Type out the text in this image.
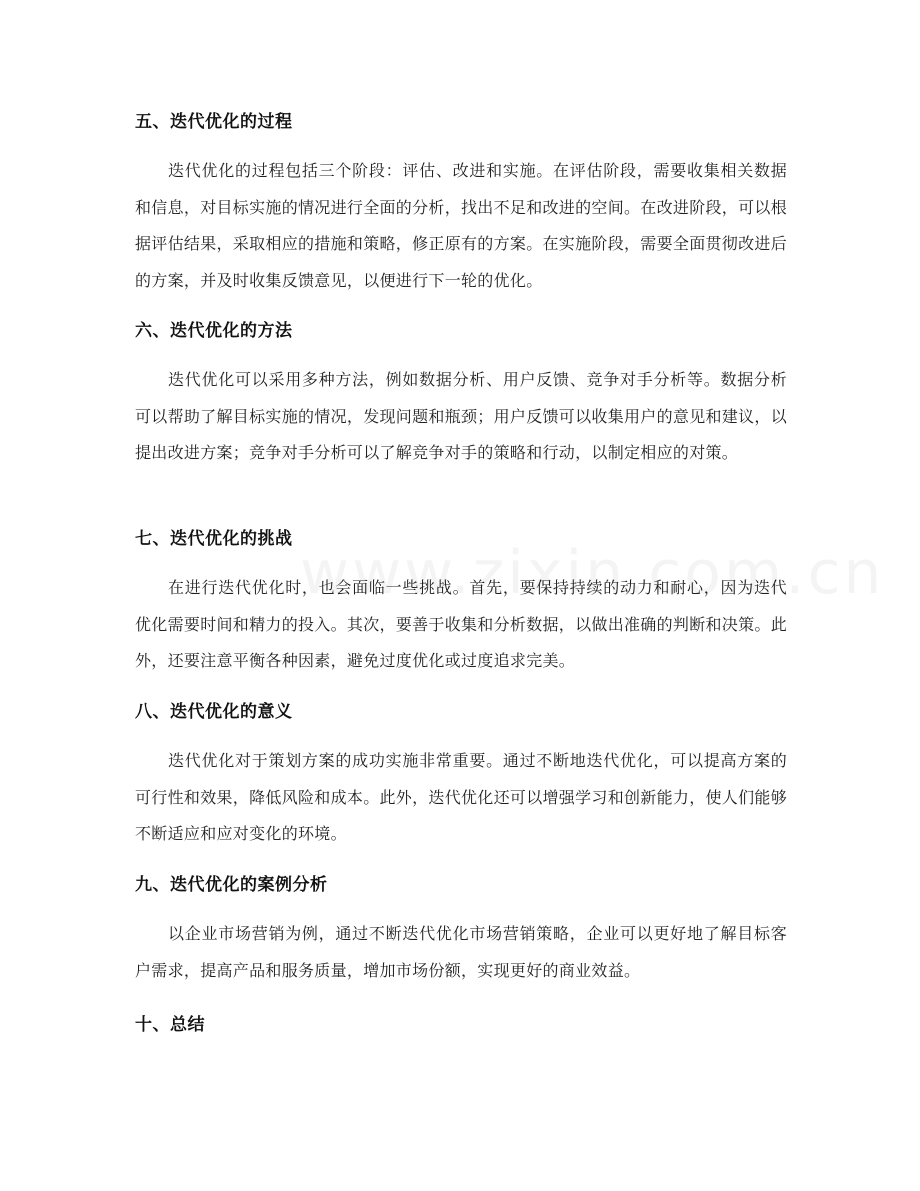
五、迭代优化的过程

迭代优化的过程包括三个阶段：评估、改进和实施。在评估阶段，需要收集相关数据和信息，对目标实施的情况进行全面的分析，找出不足和改进的空间。在改进阶段，可以根据评估结果，采取相应的措施和策略，修正原有的方案。在实施阶段，需要全面贯彻改进后的方案，并及时收集反馈意见，以便进行下一轮的优化。

六、迭代优化的方法

迭代优化可以采用多种方法，例如数据分析、用户反馈、竞争对手分析等。数据分析可以帮助了解目标实施的情况，发现问题和瓶颈；用户反馈可以收集用户的意见和建议，以提出改进方案；竞争对手分析可以了解竞争对手的策略和行动，以制定相应的对策。

七、迭代优化的挑战

在进行迭代优化时，也会面临一些挑战。首先，要保持持续的动力和耐心，因为迭代优化需要时间和精力的投入。其次，要善于收集和分析数据，以做出准确的判断和决策。此外，还要注意平衡各种因素，避免过度优化或过度追求完美。

八、迭代优化的意义

迭代优化对于策划方案的成功实施非常重要。通过不断地迭代优化，可以提高方案的可行性和效果，降低风险和成本。此外，迭代优化还可以增强学习和创新能力，使人们能够不断适应和应对变化的环境。

九、迭代优化的案例分析

以企业市场营销为例，通过不断迭代优化市场营销策略，企业可以更好地了解目标客户需求，提高产品和服务质量，增加市场份额，实现更好的商业效益。

十、总结
